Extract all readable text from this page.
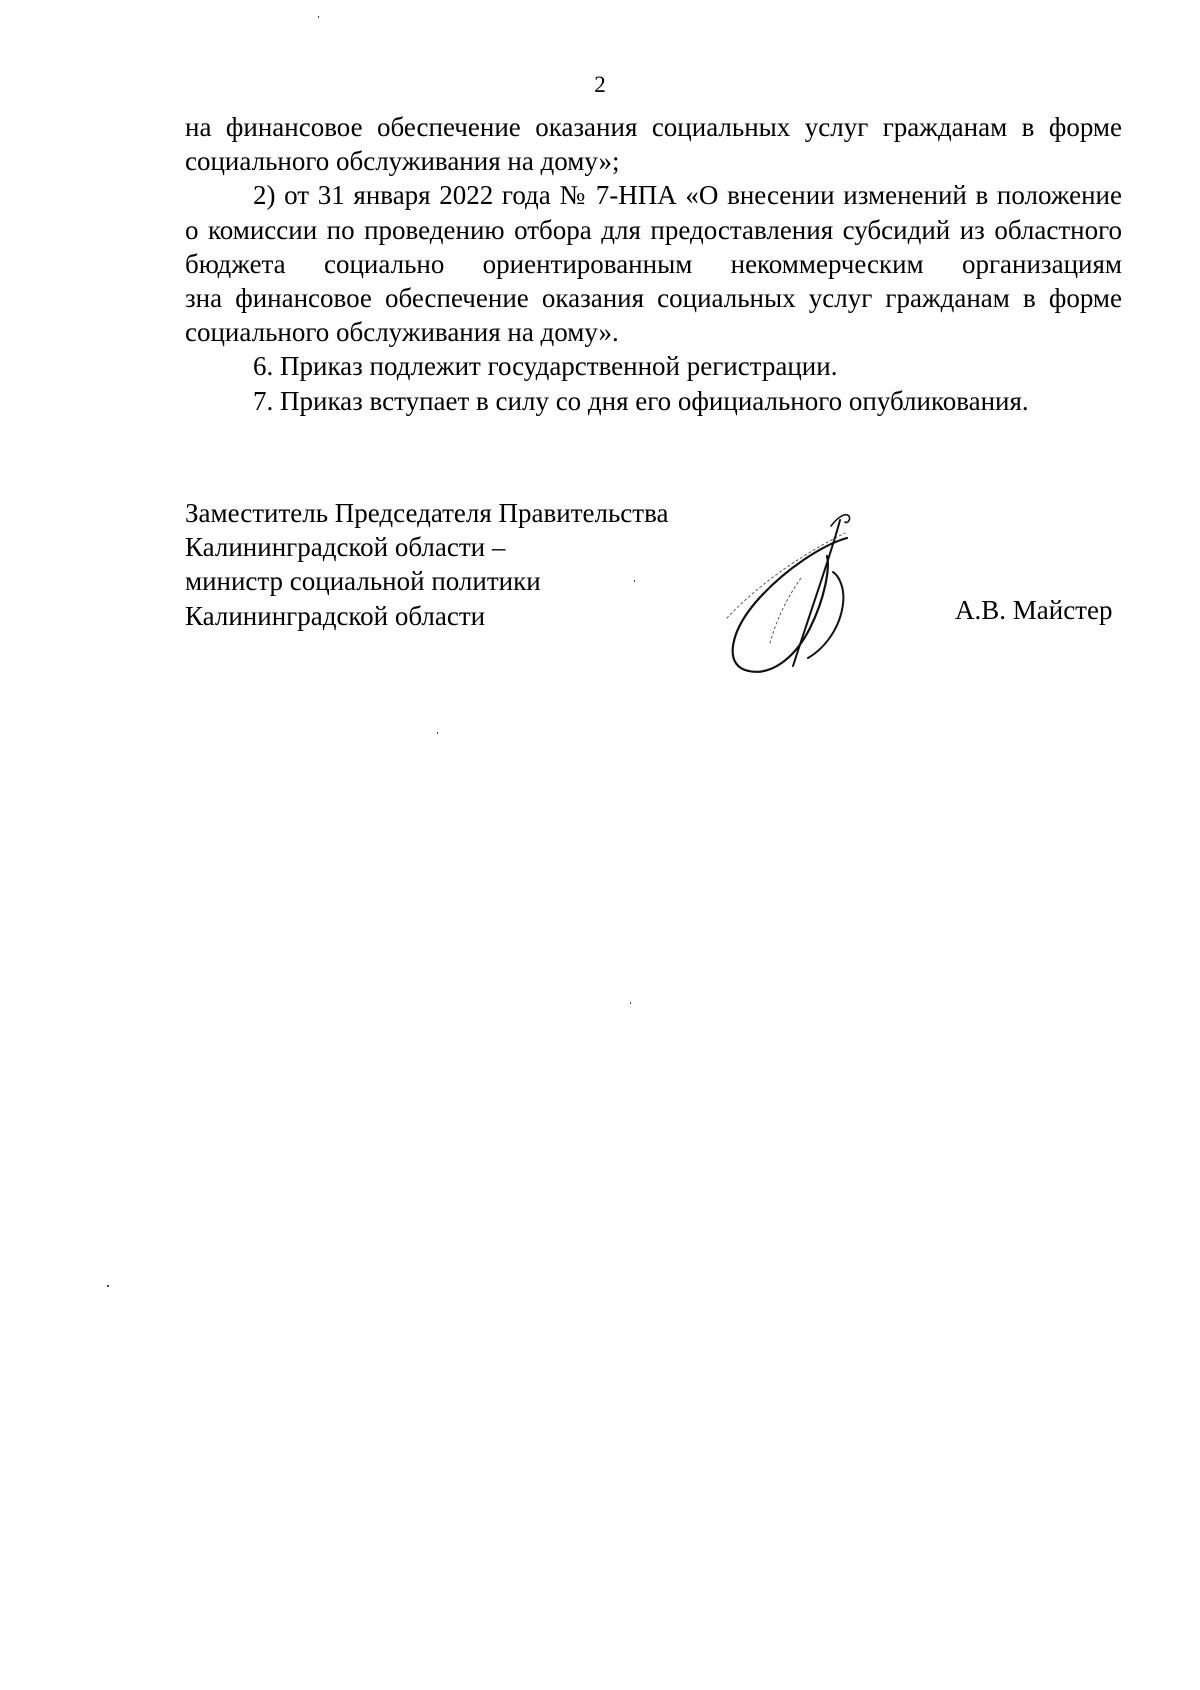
2
на финансовое обеспечение оказания социальных услуг гражданам в форме
социального обслуживания на дому»;
2) от 31 января 2022 года № 7-НПА «О внесении изменений в положение
о комиссии по проведению отбора для предоставления субсидий из областного
бюджета социально ориентированным некоммерческим организациям
зна финансовое обеспечение оказания социальных услуг гражданам в форме
социального обслуживания на дому».
6. Приказ подлежит государственной регистрации.
7. Приказ вступает в силу со дня его официального опубликования.
Заместитель Председателя Правительства
Калининградской области –
министр социальной политики
Калининградской области	А.В. Майстер
